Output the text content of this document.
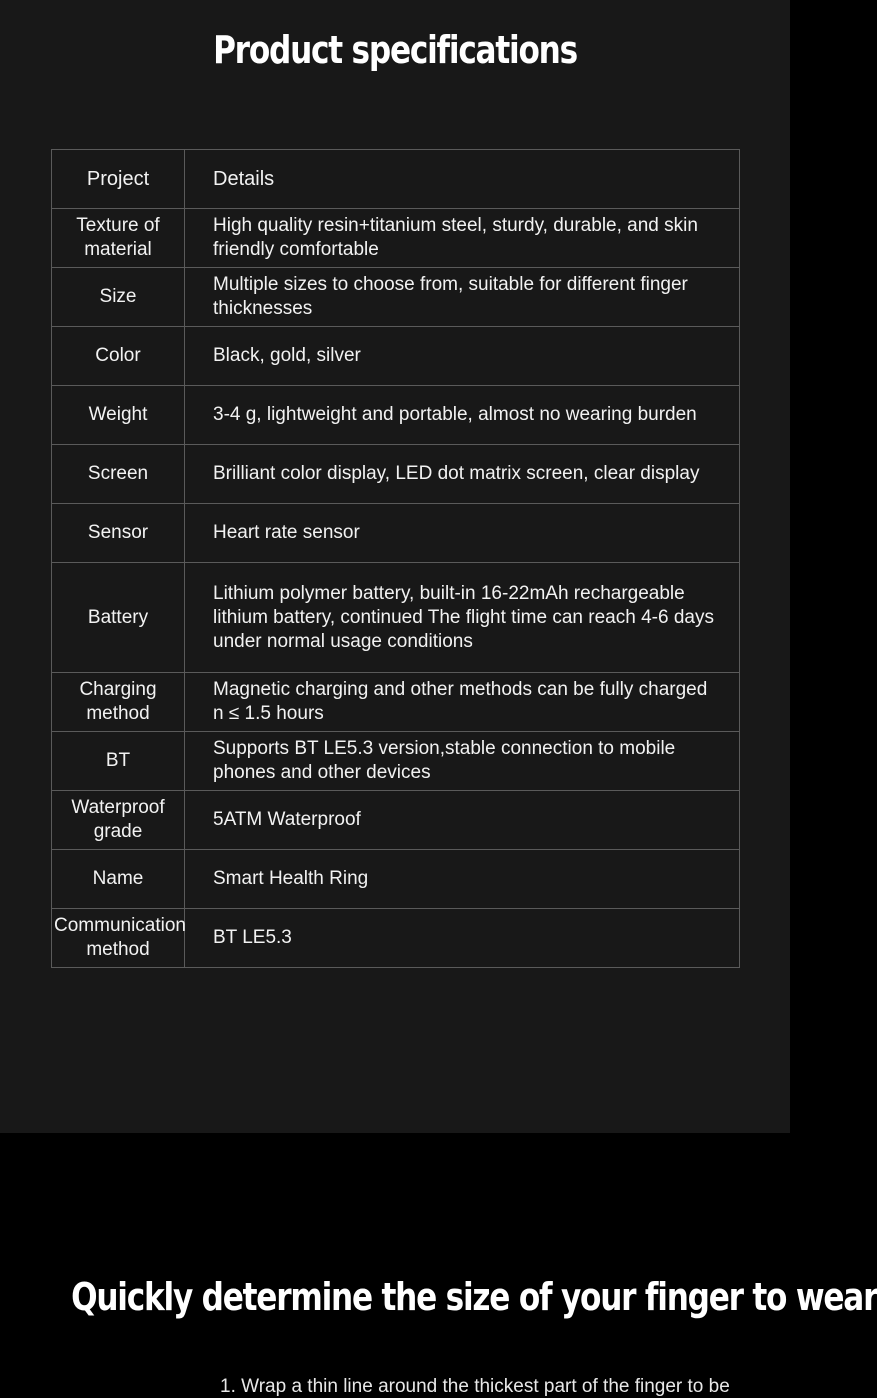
Product specifications
Project	Details
Texture of material	High quality resin+titanium steel, sturdy, durable, and skin friendly comfortable
Size	Multiple sizes to choose from, suitable for different finger thicknesses
Color	Black, gold, silver
Weight	3-4 g, lightweight and portable, almost no wearing burden
Screen	Brilliant color display, LED dot matrix screen, clear display
Sensor	Heart rate sensor
Battery	Lithium polymer battery, built-in 16-22mAh rechargeable lithium battery, continued The flight time can reach 4-6 days under normal usage conditions
Charging method	Magnetic charging and other methods can be fully charged n ≤ 1.5 hours
BT	Supports BT LE5.3 version,stable connection to mobile phones and other devices
Waterproof grade	5ATM Waterproof
Name	Smart Health Ring
Communication method	BT LE5.3
Quickly determine the size of your finger to wear
1. Wrap a thin line around the thickest part of the finger to be
